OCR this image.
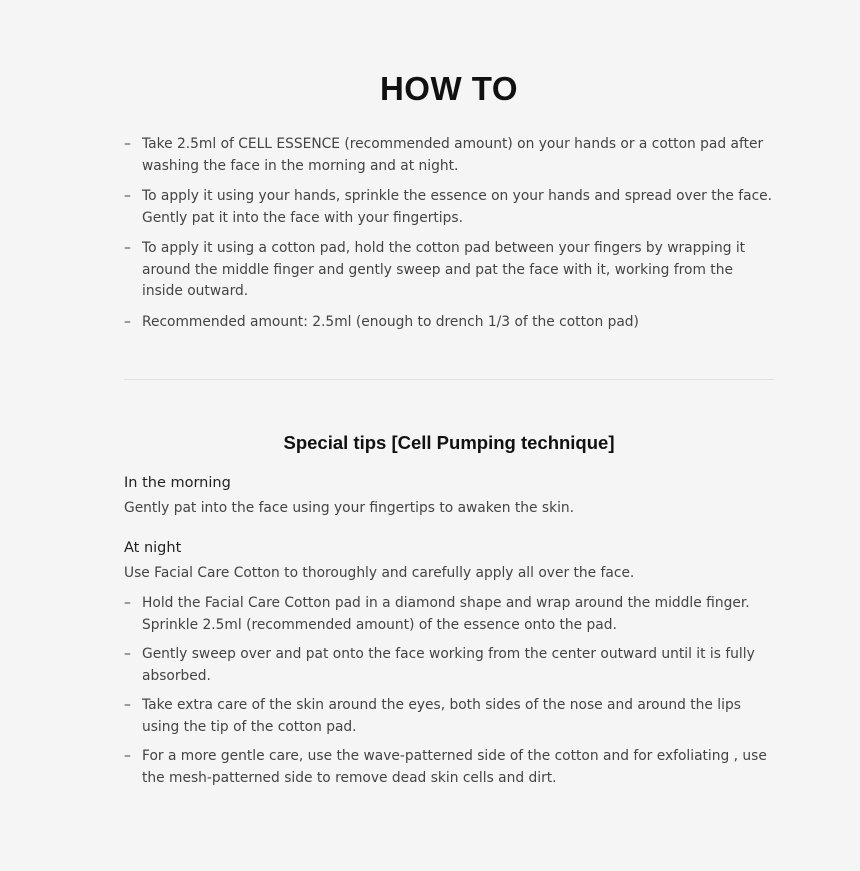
HOW TO
– Take 2.5ml of CELL ESSENCE (recommended amount) on your hands or a cotton pad after washing the face in the morning and at night.
– To apply it using your hands, sprinkle the essence on your hands and spread over the face. Gently pat it into the face with your fingertips.
– To apply it using a cotton pad, hold the cotton pad between your fingers by wrapping it around the middle finger and gently sweep and pat the face with it, working from the inside outward.
– Recommended amount: 2.5ml (enough to drench 1/3 of the cotton pad)
Special tips [Cell Pumping technique]

In the morning

Gently pat into the face using your fingertips to awaken the skin.

At night

Use Facial Care Cotton to thoroughly and carefully apply all over the face.

– Hold the Facial Care Cotton pad in a diamond shape and wrap around the middle finger. Sprinkle 2.5ml (recommended amount) of the essence onto the pad.
– Gently sweep over and pat onto the face working from the center outward until it is fully absorbed.
– Take extra care of the skin around the eyes, both sides of the nose and around the lips using the tip of the cotton pad.
– For a more gentle care, use the wave-patterned side of the cotton and for exfoliating , use the mesh-patterned side to remove dead skin cells and dirt.
